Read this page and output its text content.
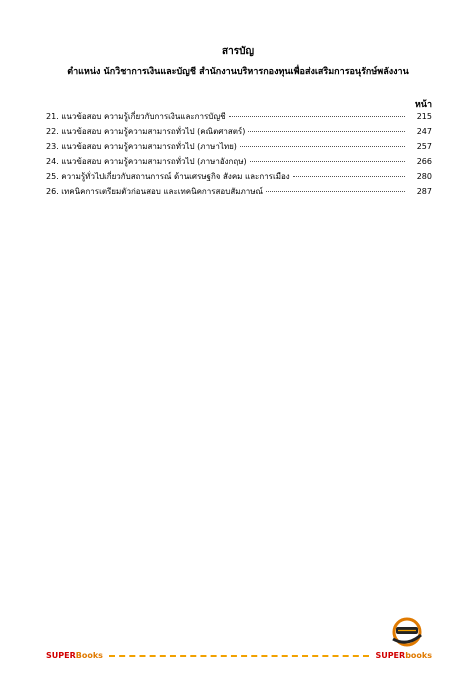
สารบัญ
ตำแหน่ง นักวิชาการเงินและบัญชี สำนักงานบริหารกองทุนเพื่อส่งเสริมการอนุรักษ์พลังงาน
หน้า
21. แนวข้อสอบ ความรู้เกี่ยวกับการเงินและการบัญชี	215
22. แนวข้อสอบ ความรู้ความสามารถทั่วไป (คณิตศาสตร์)	247
23. แนวข้อสอบ ความรู้ความสามารถทั่วไป (ภาษาไทย)	257
24. แนวข้อสอบ ความรู้ความสามารถทั่วไป (ภาษาอังกฤษ)	266
25. ความรู้ทั่วไปเกี่ยวกับสถานการณ์ ด้านเศรษฐกิจ สังคม และการเมือง	280
26. เทคนิคการเตรียมตัวก่อนสอบ และเทคนิคการสอบสัมภาษณ์	287
SUPERBooks	SUPERbooks
